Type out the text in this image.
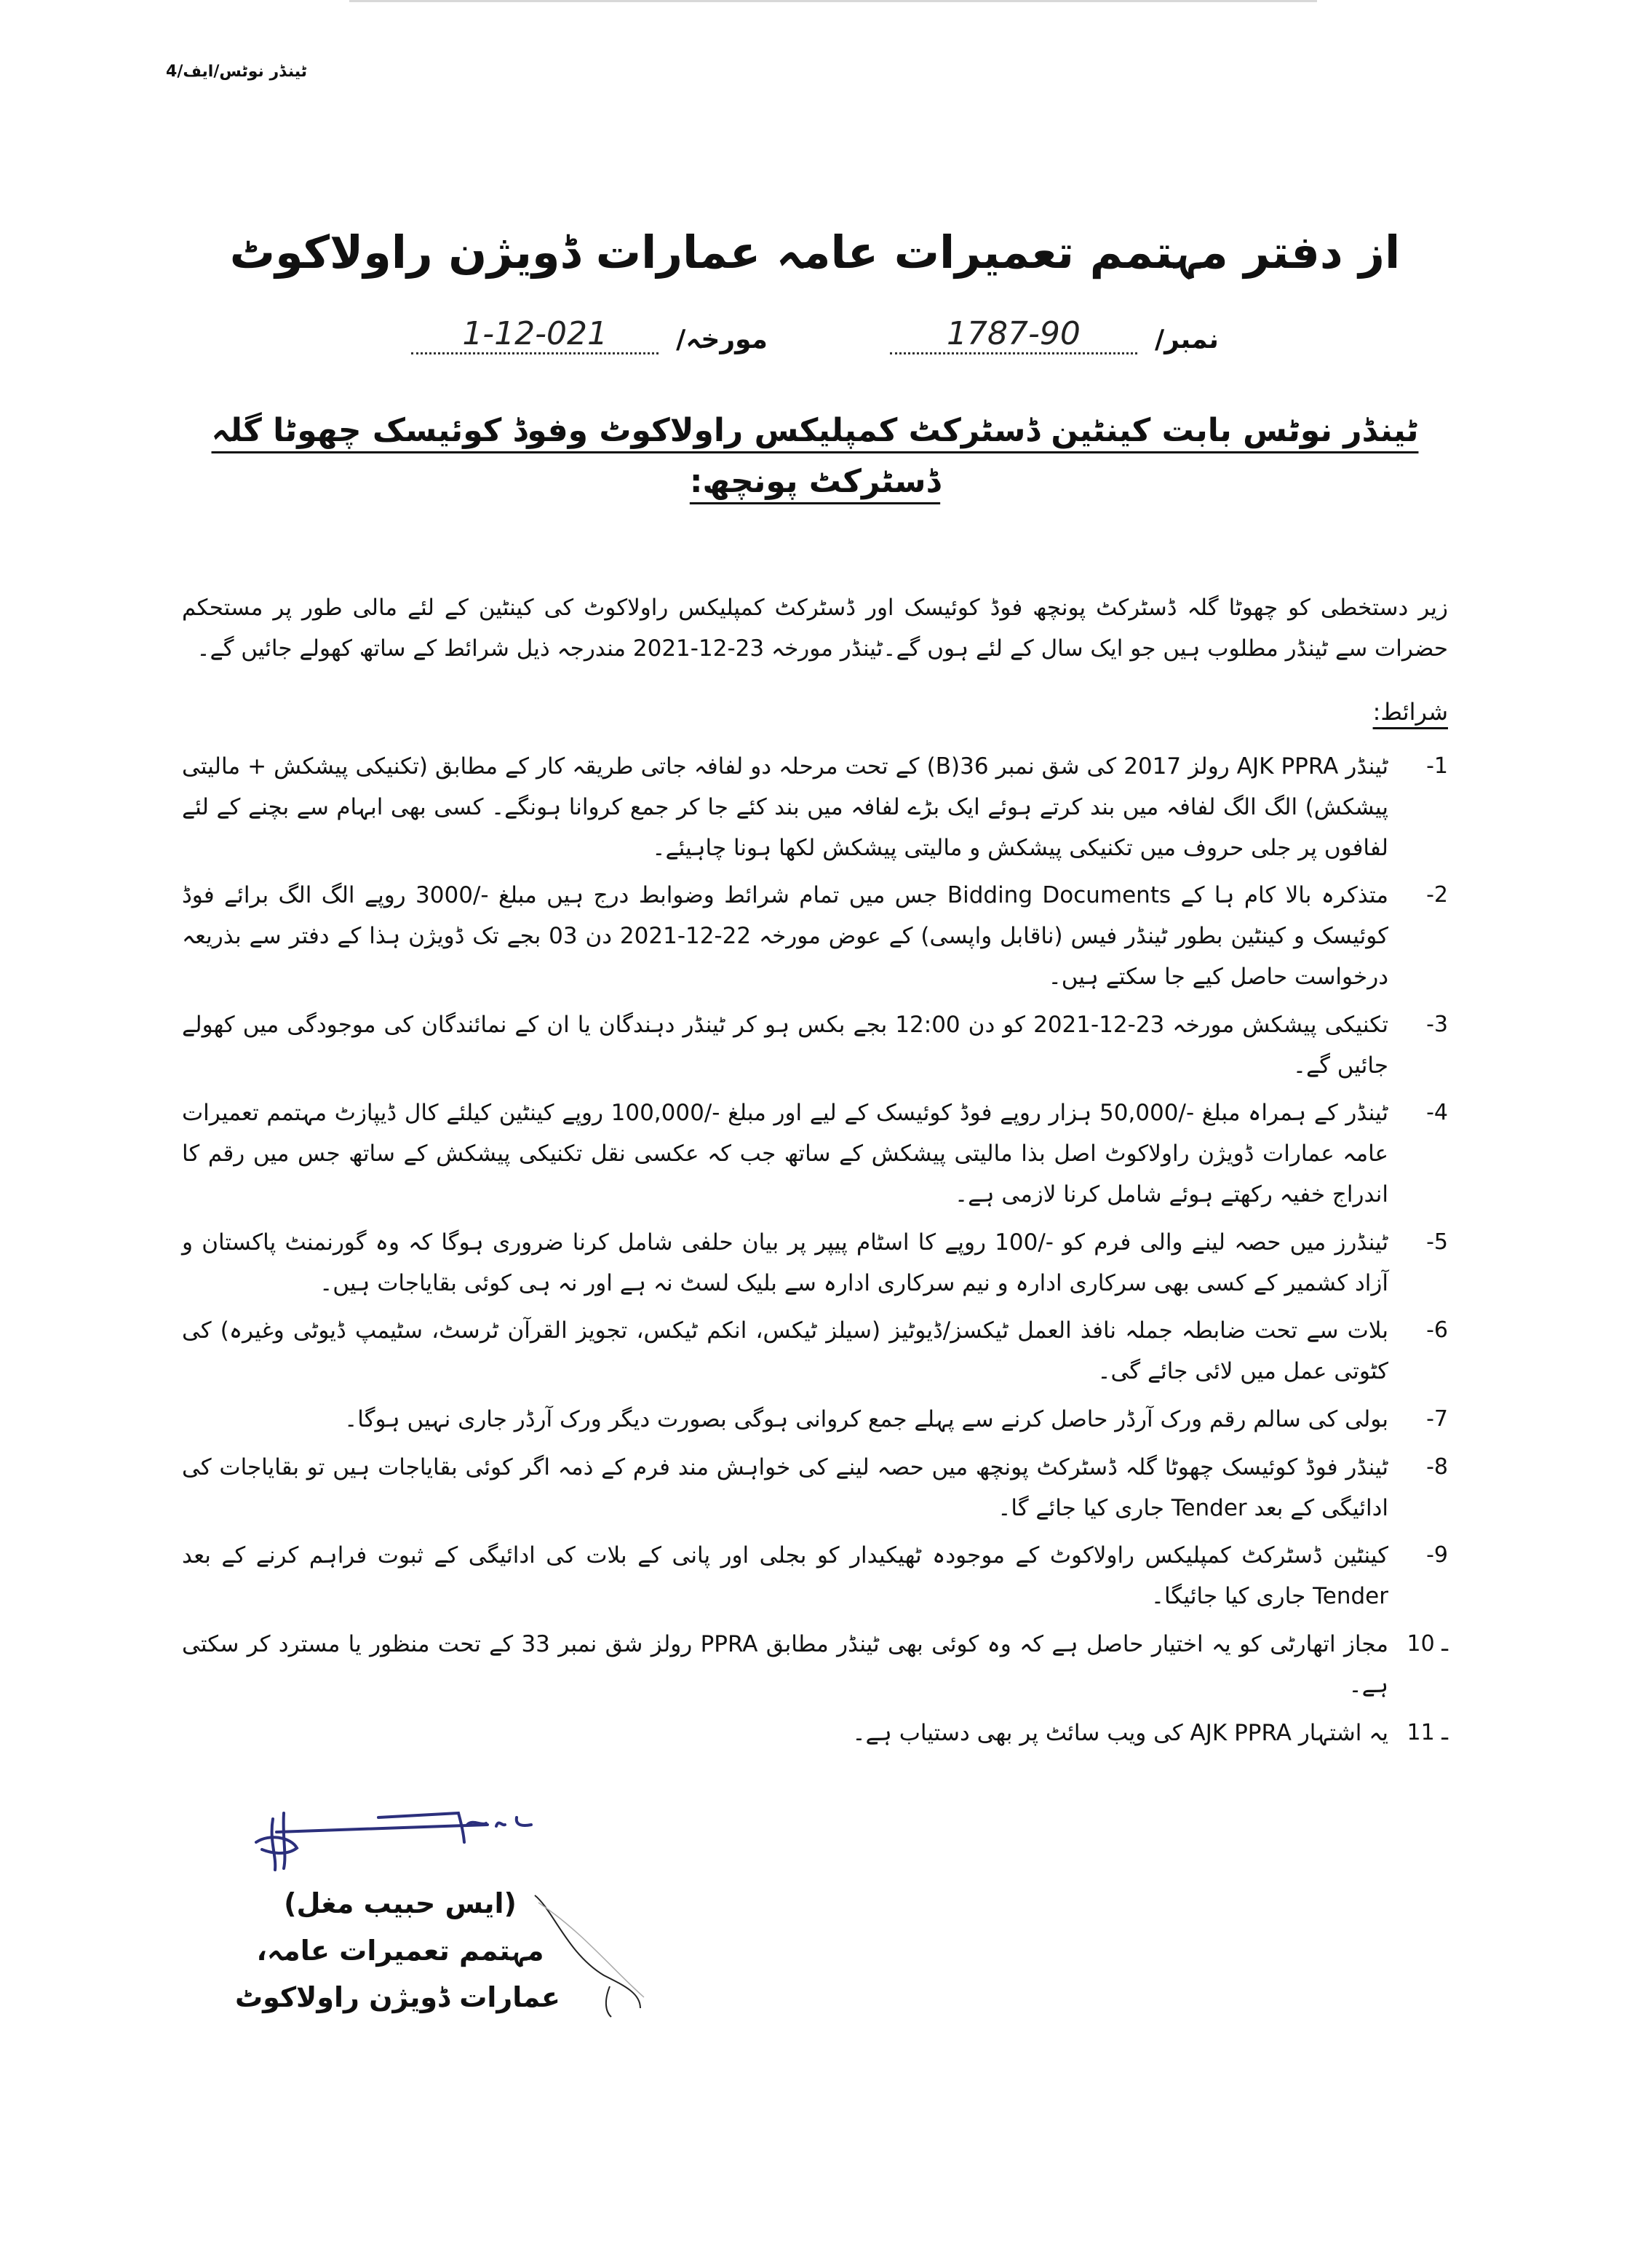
ٹینڈر نوٹس/ایف/4
از دفتر مہتمم تعمیرات عامہ عمارات ڈویژن راولاکوٹ
نمبر/
1787-90
مورخہ/
1-12-021
ٹینڈر نوٹس بابت کینٹین ڈسٹرکٹ کمپلیکس راولاکوٹ وفوڈ کوئیسک چھوٹا گلہ ڈسٹرکٹ پونچھ:

زیر دستخطی کو چھوٹا گلہ ڈسٹرکٹ پونچھ فوڈ کوئیسک اور ڈسٹرکٹ کمپلیکس راولاکوٹ کی کینٹین کے لئے مالی طور پر مستحکم حضرات سے ٹینڈر مطلوب ہیں جو ایک سال کے لئے ہوں گے۔ٹینڈر مورخہ 23-12-2021 مندرجہ ذیل شرائط کے ساتھ کھولے جائیں گے۔

شرائط:
-1
ٹینڈر AJK PPRA رولز 2017 کی شق نمبر 36(B) کے تحت مرحلہ دو لفافہ جاتی طریقہ کار کے مطابق (تکنیکی پیشکش + مالیتی پیشکش) الگ الگ لفافہ میں بند کرتے ہوئے ایک بڑے لفافہ میں بند کئے جا کر جمع کروانا ہونگے۔ کسی بھی ابہام سے بچنے کے لئے لفافوں پر جلی حروف میں تکنیکی پیشکش و مالیتی پیشکش لکھا ہونا چاہیئے۔
-2
متذکرہ بالا کام ہا کے Bidding Documents جس میں تمام شرائط وضوابط درج ہیں مبلغ -/3000 روپے الگ الگ برائے فوڈ کوئیسک و کینٹین بطور ٹینڈر فیس (ناقابل واپسی) کے عوض مورخہ 22-12-2021 دن 03 بجے تک ڈویژن ہذا کے دفتر سے بذریعہ درخواست حاصل کیے جا سکتے ہیں۔
-3
تکنیکی پیشکش مورخہ 23-12-2021 کو دن 12:00 بجے بکس ہو کر ٹینڈر دہندگان یا ان کے نمائندگان کی موجودگی میں کھولے جائیں گے۔
-4
ٹینڈر کے ہمراہ مبلغ -/50,000 ہزار روپے فوڈ کوئیسک کے لیے اور مبلغ -/100,000 روپے کینٹین کیلئے کال ڈیپازٹ مہتمم تعمیرات عامہ عمارات ڈویژن راولاکوٹ اصل بذا مالیتی پیشکش کے ساتھ جب کہ عکسی نقل تکنیکی پیشکش کے ساتھ جس میں رقم کا اندراج خفیہ رکھتے ہوئے شامل کرنا لازمی ہے۔
-5
ٹینڈرز میں حصہ لینے والی فرم کو -/100 روپے کا اسٹام پیپر پر بیان حلفی شامل کرنا ضروری ہوگا کہ وہ گورنمنٹ پاکستان و آزاد کشمیر کے کسی بھی سرکاری ادارہ و نیم سرکاری ادارہ سے بلیک لسٹ نہ ہے اور نہ ہی کوئی بقایاجات ہیں۔
-6
بلات سے تحت ضابطہ جملہ نافذ العمل ٹیکسز/ڈیوٹیز (سیلز ٹیکس، انکم ٹیکس، تجویز القرآن ٹرسٹ، سٹیمپ ڈیوٹی وغیرہ) کی کٹوتی عمل میں لائی جائے گی۔
-7
بولی کی سالم رقم ورک آرڈر حاصل کرنے سے پہلے جمع کروانی ہوگی بصورت دیگر ورک آرڈر جاری نہیں ہوگا۔
-8
ٹینڈر فوڈ کوئیسک چھوٹا گلہ ڈسٹرکٹ پونچھ میں حصہ لینے کی خواہش مند فرم کے ذمہ اگر کوئی بقایاجات ہیں تو بقایاجات کی ادائیگی کے بعد Tender جاری کیا جائے گا۔
-9
کینٹین ڈسٹرکٹ کمپلیکس راولاکوٹ کے موجودہ ٹھیکیدار کو بجلی اور پانی کے بلات کی ادائیگی کے ثبوت فراہم کرنے کے بعد Tender جاری کیا جائیگا۔
ـ 10
مجاز اتھارٹی کو یہ اختیار حاصل ہے کہ وہ کوئی بھی ٹینڈر مطابق PPRA رولز شق نمبر 33 کے تحت منظور یا مسترد کر سکتی ہے۔
ـ 11
یہ اشتہار AJK PPRA کی ویب سائٹ پر بھی دستیاب ہے۔
(ایس حبیب مغل)
مہتمم تعمیرات عامہ،
عمارات ڈویژن راولاکوٹ
